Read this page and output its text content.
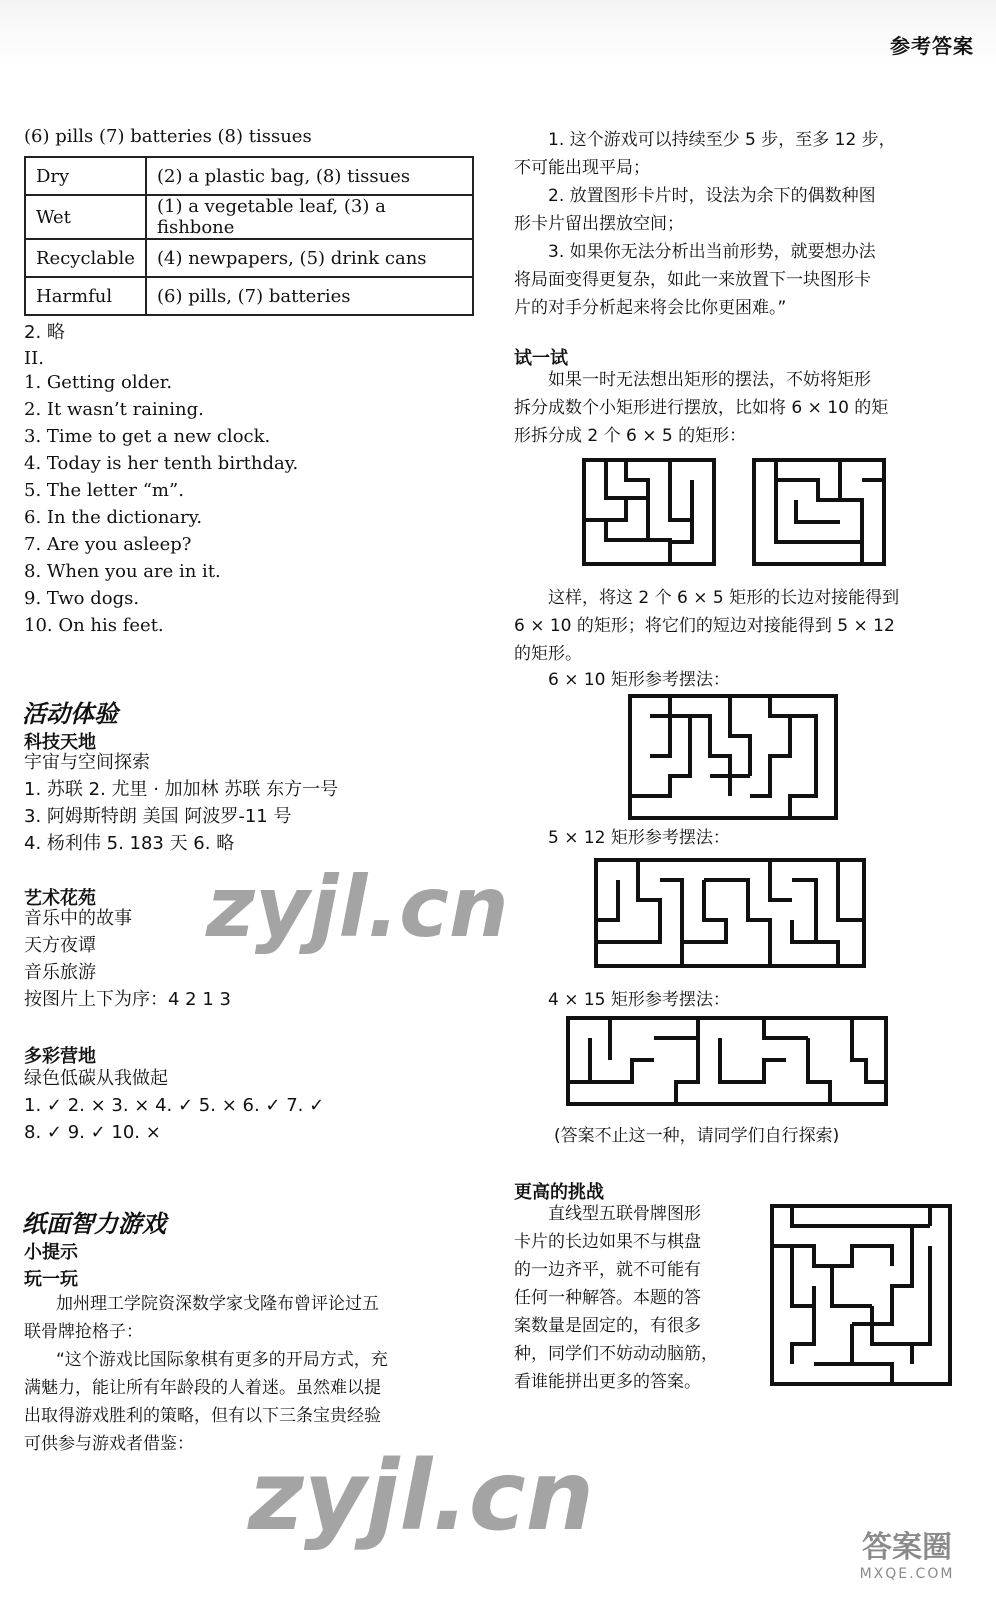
参考答案
(6) pills (7) batteries (8) tissues
Dry	(2) a plastic bag, (8) tissues
Wet	(1) a vegetable leaf, (3) a fishbone
Recyclable	(4) newpapers, (5) drink cans
Harmful	(6) pills, (7) batteries
2. 略
II.
1. Getting older.
2. It wasn’t raining.
3. Time to get a new clock.
4. Today is her tenth birthday.
5. The letter “m”.
6. In the dictionary.
7. Are you asleep?
8. When you are in it.
9. Two dogs.
10. On his feet.
活动体验
科技天地
宇宙与空间探索
1. 苏联 2. 尤里 · 加加林 苏联 东方一号
3. 阿姆斯特朗 美国 阿波罗-11 号
4. 杨利伟 5. 183 天 6. 略
艺术花苑
音乐中的故事
天方夜谭
音乐旅游
按图片上下为序：4 2 1 3
多彩营地
绿色低碳从我做起
1. ✓ 2. × 3. × 4. ✓ 5. × 6. ✓ 7. ✓
8. ✓ 9. ✓ 10. ×
纸面智力游戏
小提示
玩一玩
加州理工学院资深数学家戈隆布曾评论过五
联骨牌抢格子：
“这个游戏比国际象棋有更多的开局方式，充
满魅力，能让所有年龄段的人着迷。虽然难以提
出取得游戏胜利的策略，但有以下三条宝贵经验
可供参与游戏者借鉴：
1. 这个游戏可以持续至少 5 步，至多 12 步，
不可能出现平局；
2. 放置图形卡片时，设法为余下的偶数种图
形卡片留出摆放空间；
3. 如果你无法分析出当前形势，就要想办法
将局面变得更复杂，如此一来放置下一块图形卡
片的对手分析起来将会比你更困难。”
试一试
如果一时无法想出矩形的摆法，不妨将矩形
拆分成数个小矩形进行摆放，比如将 6 × 10 的矩
形拆分成 2 个 6 × 5 的矩形：
这样，将这 2 个 6 × 5 矩形的长边对接能得到
6 × 10 的矩形；将它们的短边对接能得到 5 × 12
的矩形。
6 × 10 矩形参考摆法：
5 × 12 矩形参考摆法：
4 × 15 矩形参考摆法：
(答案不止这一种，请同学们自行探索)
更高的挑战
直线型五联骨牌图形
卡片的长边如果不与棋盘
的一边齐平，就不可能有
任何一种解答。本题的答
案数量是固定的，有很多
种，同学们不妨动动脑筋，
看谁能拼出更多的答案。
zyjl.cn
zyjl.cn	答案圈
MXQE.COM
